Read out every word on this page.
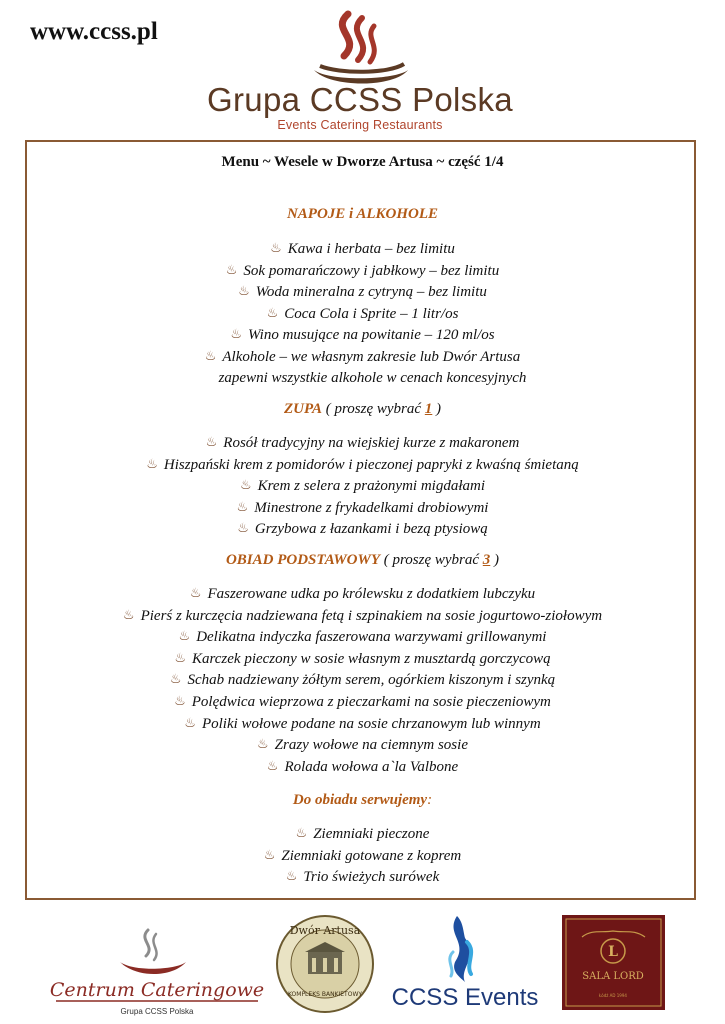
www.ccss.pl
Grupa CCSS Polska
Events Catering Restaurants
Menu ~ Wesele w Dworze Artusa ~ część 1/4
NAPOJE i ALKOHOLE
♨ Kawa i herbata – bez limitu
♨ Sok pomarańczowy i jabłkowy – bez limitu
♨ Woda mineralna z cytryną – bez limitu
♨ Coca Cola i Sprite – 1 litr/os
♨ Wino musujące na powitanie – 120 ml/os
♨ Alkohole – we własnym zakresie lub Dwór Artusa
zapewni wszystkie alkohole w cenach koncesyjnych
ZUPA ( proszę wybrać 1 )
♨ Rosół tradycyjny na wiejskiej kurze z makaronem
♨ Hiszpański krem z pomidorów i pieczonej papryki z kwaśną śmietaną
♨ Krem z selera z prażonymi migdałami
♨ Minestrone z frykadelkami drobiowymi
♨ Grzybowa z łazankami i bezą ptysiową
OBIAD PODSTAWOWY ( proszę wybrać 3 )
♨ Faszerowane udka po królewsku z dodatkiem lubczyku
♨ Pierś z kurczęcia nadziewana fetą i szpinakiem na sosie jogurtowo-ziołowym
♨ Delikatna indyczka faszerowana warzywami grillowanymi
♨ Karczek pieczony w sosie własnym z musztardą gorczycową
♨ Schab nadziewany żółtym serem, ogórkiem kiszonym i szynką
♨ Polędwica wieprzowa z pieczarkami na sosie pieczeniowym
♨ Poliki wołowe podane na sosie chrzanowym lub winnym
♨ Zrazy wołowe na ciemnym sosie
♨ Rolada wołowa a`la Valbone
Do obiadu serwujemy:
♨ Ziemniaki pieczone
♨ Ziemniaki gotowane z koprem
♨ Trio świeżych surówek
Centrum Cateringowe
Grupa CCSS Polska
Dwór Artusa
KOMPLEKS BANKIETOWY CCSS Events
L
SALA LORD
Łódź AD 1994
